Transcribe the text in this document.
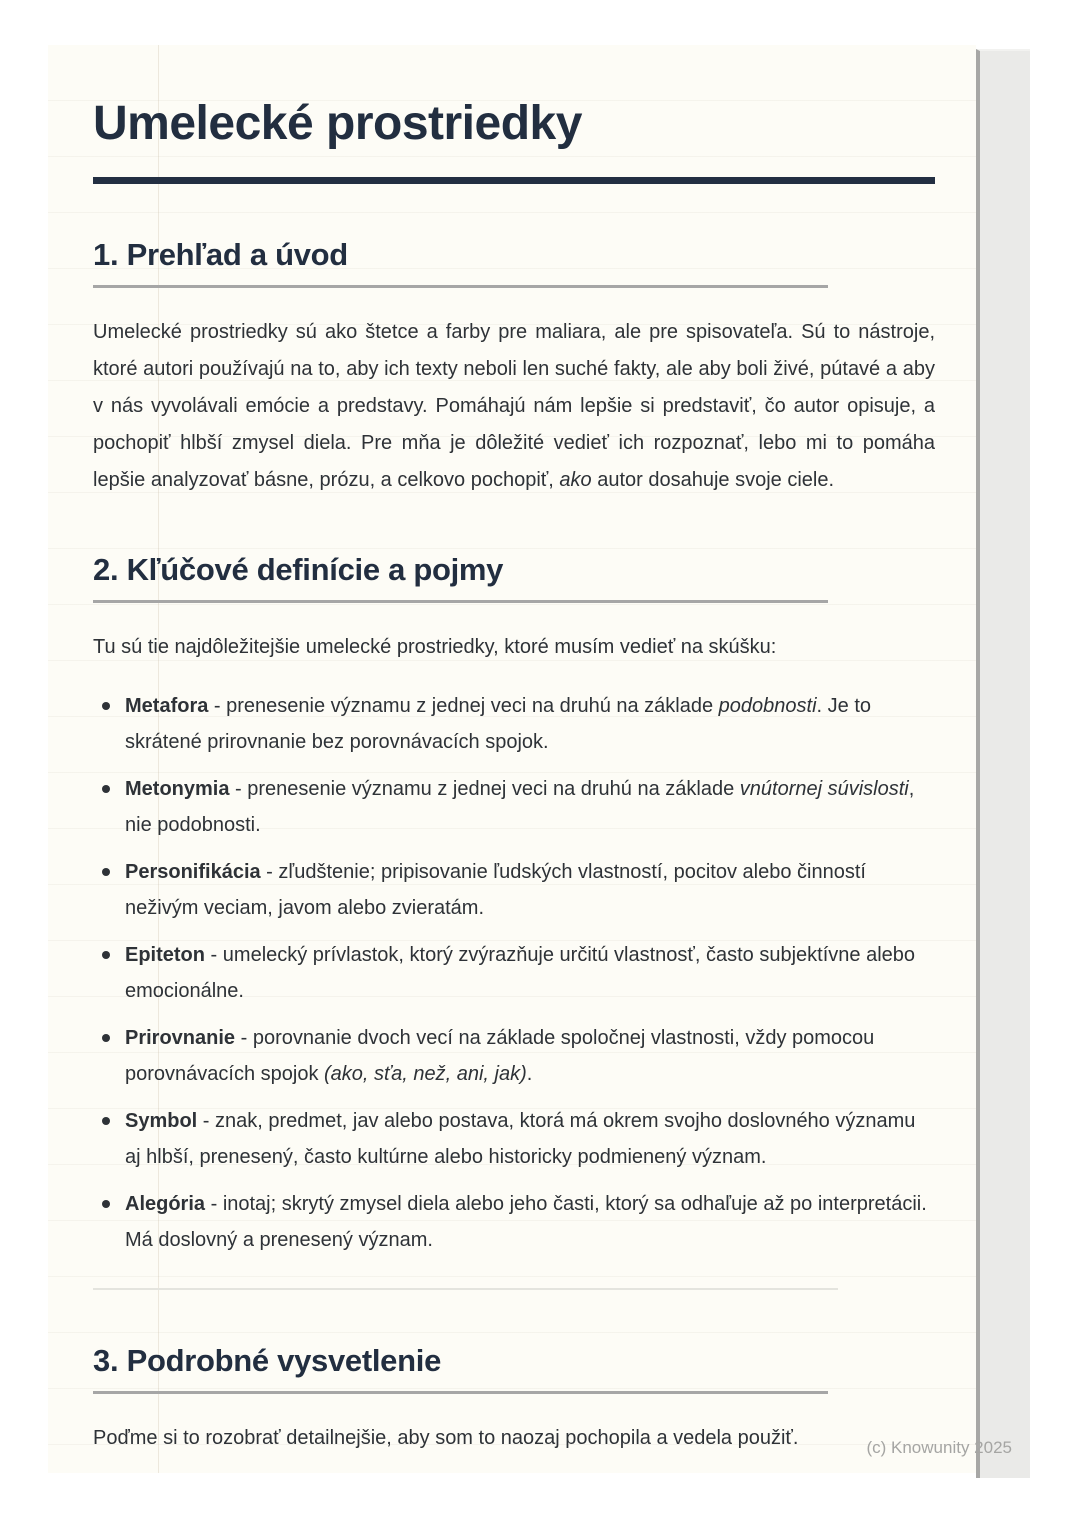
Umelecké prostriedky
1. Prehľad a úvod

Umelecké prostriedky sú ako štetce a farby pre maliara, ale pre spisovateľa. Sú to nástroje, ktoré autori používajú na to, aby ich texty neboli len suché fakty, ale aby boli živé, pútavé a aby v nás vyvolávali emócie a predstavy. Pomáhajú nám lepšie si predstaviť, čo autor opisuje, a pochopiť hlbší zmysel diela. Pre mňa je dôležité vedieť ich rozpoznať, lebo mi to pomáha lepšie analyzovať básne, prózu, a celkovo pochopiť, ako autor dosahuje svoje ciele.

2. Kľúčové definície a pojmy

Tu sú tie najdôležitejšie umelecké prostriedky, ktoré musím vedieť na skúšku:

Metafora - prenesenie významu z jednej veci na druhú na základe podobnosti. Je to skrátené prirovnanie bez porovnávacích spojok.
Metonymia - prenesenie významu z jednej veci na druhú na základe vnútornej súvislosti, nie podobnosti.
Personifikácia - zľudštenie; pripisovanie ľudských vlastností, pocitov alebo činností neživým veciam, javom alebo zvieratám.
Epiteton - umelecký prívlastok, ktorý zvýrazňuje určitú vlastnosť, často subjektívne alebo emocionálne.
Prirovnanie - porovnanie dvoch vecí na základe spoločnej vlastnosti, vždy pomocou porovnávacích spojok (ako, sťa, než, ani, jak).
Symbol - znak, predmet, jav alebo postava, ktorá má okrem svojho doslovného významu aj hlbší, prenesený, často kultúrne alebo historicky podmienený význam.
Alegória - inotaj; skrytý zmysel diela alebo jeho časti, ktorý sa odhaľuje až po interpretácii. Má doslovný a prenesený význam.
3. Podrobné vysvetlenie

Poďme si to rozobrať detailnejšie, aby som to naozaj pochopila a vedela použiť.	(c) Knowunity 2025
